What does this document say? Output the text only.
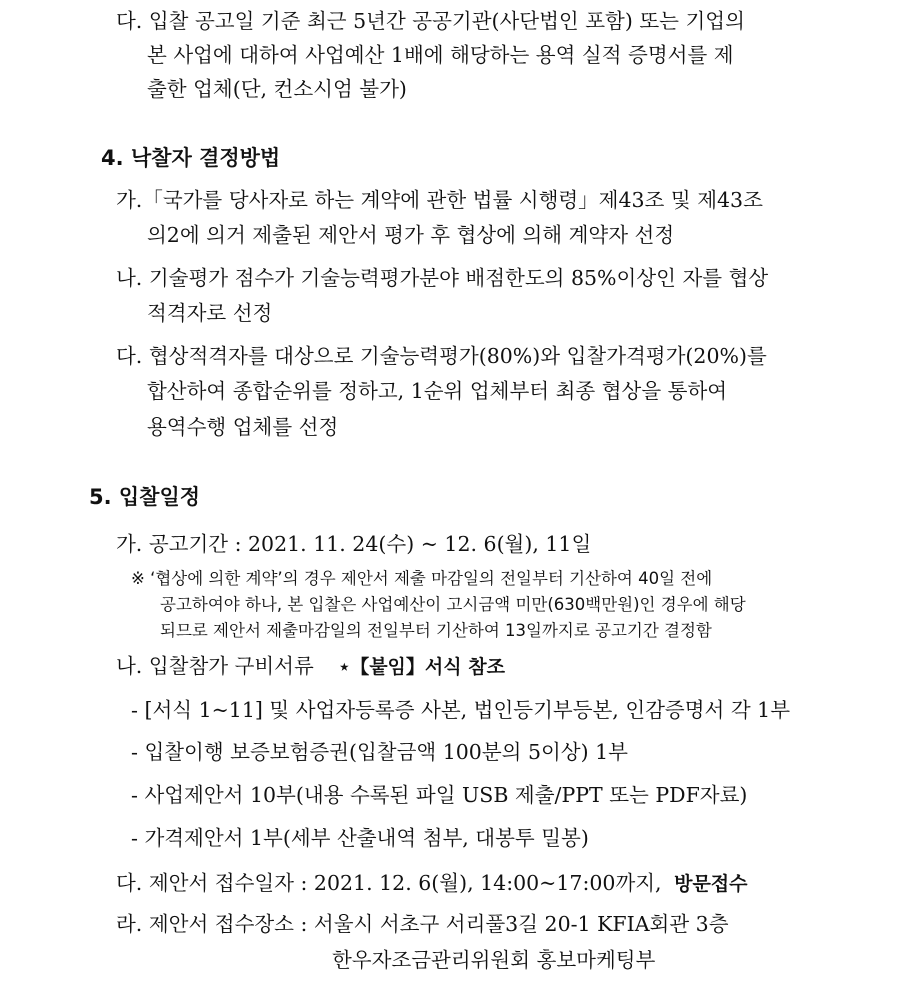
다. 입찰 공고일 기준 최근 5년간 공공기관(사단법인 포함) 또는 기업의
본 사업에 대하여 사업예산 1배에 해당하는 용역 실적 증명서를 제
출한 업체(단, 컨소시엄 불가)
4. 낙찰자 결정방법
가.「국가를 당사자로 하는 계약에 관한 법률 시행령」제43조 및 제43조
의2에 의거 제출된 제안서 평가 후 협상에 의해 계약자 선정
나. 기술평가 점수가 기술능력평가분야 배점한도의 85%이상인 자를 협상
적격자로 선정
다. 협상적격자를 대상으로 기술능력평가(80%)와 입찰가격평가(20%)를
합산하여 종합순위를 정하고, 1순위 업체부터 최종 협상을 통하여
용역수행 업체를 선정
5. 입찰일정
가. 공고기간 : 2021. 11. 24(수) ~ 12. 6(월), 11일
※ ‘협상에 의한 계약’의 경우 제안서 제출 마감일의 전일부터 기산하여 40일 전에
공고하여야 하나, 본 입찰은 사업예산이 고시금액 미만(630백만원)인 경우에 해당
되므로 제안서 제출마감일의 전일부터 기산하여 13일까지로 공고기간 결정함
나. 입찰참가 구비서류 ⋆【붙임】서식 참조
- [서식 1~11] 및 사업자등록증 사본, 법인등기부등본, 인감증명서 각 1부
- 입찰이행 보증보험증권(입찰금액 100분의 5이상) 1부
- 사업제안서 10부(내용 수록된 파일 USB 제출/PPT 또는 PDF자료)
- 가격제안서 1부(세부 산출내역 첨부, 대봉투 밀봉)
다. 제안서 접수일자 : 2021. 12. 6(월), 14:00~17:00까지, 방문접수
라. 제안서 접수장소 : 서울시 서초구 서리풀3길 20-1 KFIA회관 3층
한우자조금관리위원회 홍보마케팅부
